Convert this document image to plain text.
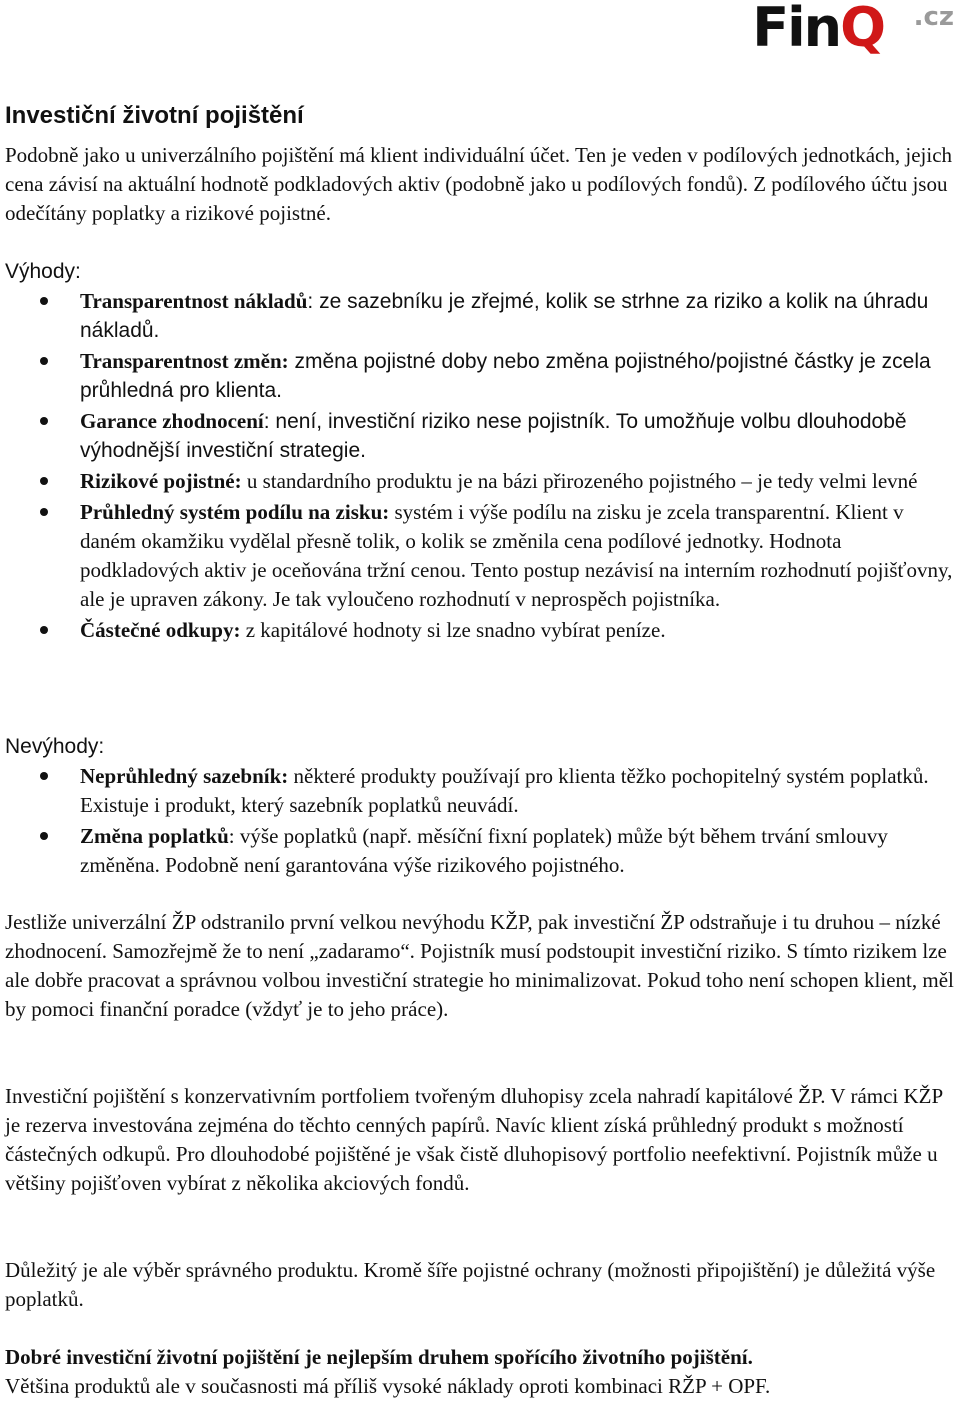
FinQ .cz
Investiční životní pojištění

Podobně jako u univerzálního pojištění má klient individuální účet. Ten je veden v podílových jednotkách, jejich cena závisí na aktuální hodnotě podkladových aktiv (podobně jako u podílových fondů). Z podílového účtu jsou odečítány poplatky a rizikové pojistné.

Výhody:

Transparentnost nákladů: ze sazebníku je zřejmé, kolik se strhne za riziko a kolik na úhradu nákladů.
Transparentnost změn: změna pojistné doby nebo změna pojistného/pojistné částky je zcela průhledná pro klienta.
Garance zhodnocení: není, investiční riziko nese pojistník. To umožňuje volbu dlouhodobě výhodnější investiční strategie.
Rizikové pojistné: u standardního produktu je na bázi přirozeného pojistného – je tedy velmi levné
Průhledný systém podílu na zisku: systém i výše podílu na zisku je zcela transparentní. Klient v daném okamžiku vydělal přesně tolik, o kolik se změnila cena podílové jednotky. Hodnota podkladových aktiv je oceňována tržní cenou. Tento postup nezávisí na interním rozhodnutí pojišťovny, ale je upraven zákony. Je tak vyloučeno rozhodnutí v neprospěch pojistníka.
Částečné odkupy: z kapitálové hodnoty si lze snadno vybírat peníze.

Nevýhody:

Neprůhledný sazebník: některé produkty používají pro klienta těžko pochopitelný systém poplatků. Existuje i produkt, který sazebník poplatků neuvádí.
Změna poplatků: výše poplatků (např. měsíční fixní poplatek) může být během trvání smlouvy změněna. Podobně není garantována výše rizikového pojistného.

Jestliže univerzální ŽP odstranilo první velkou nevýhodu KŽP, pak investiční ŽP odstraňuje i tu druhou – nízké zhodnocení. Samozřejmě že to není „zadaramo“. Pojistník musí podstoupit investiční riziko. S tímto rizikem lze ale dobře pracovat a správnou volbou investiční strategie ho minimalizovat. Pokud toho není schopen klient, měl by pomoci finanční poradce (vždyť je to jeho práce).

Investiční pojištění s konzervativním portfoliem tvořeným dluhopisy zcela nahradí kapitálové ŽP. V rámci KŽP je rezerva investována zejména do těchto cenných papírů. Navíc klient získá průhledný produkt s možností částečných odkupů. Pro dlouhodobé pojištěné je však čistě dluhopisový portfolio neefektivní. Pojistník může u většiny pojišťoven vybírat z několika akciových fondů.

Důležitý je ale výběr správného produktu. Kromě šíře pojistné ochrany (možnosti připojištění) je důležitá výše poplatků.

Dobré investiční životní pojištění je nejlepším druhem spořícího životního pojištění.
Většina produktů ale v současnosti má příliš vysoké náklady oproti kombinaci RŽP + OPF.
